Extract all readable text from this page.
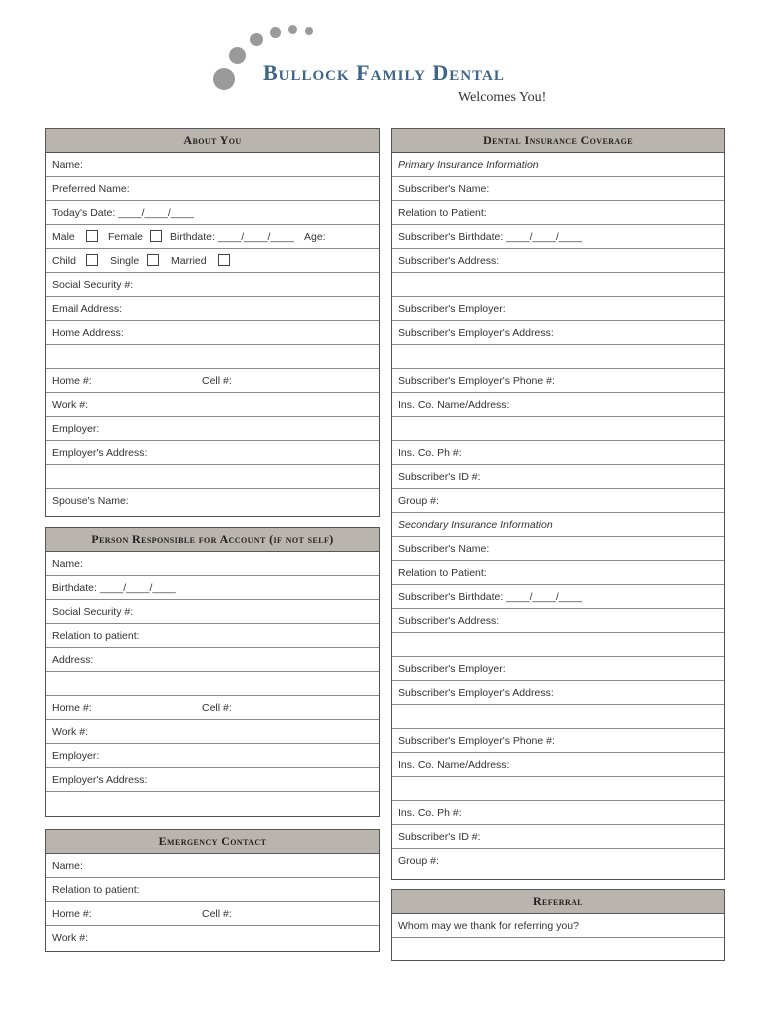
Bullock Family Dental
Welcomes You!
About You
Name:
Preferred Name:
Today's Date: ____/____/____
Male	Female	Birthdate: ____/____/____ Age:
Child	Single	Married
Social Security #:
Email Address:
Home Address:
Home #:	Cell #:
Work #:
Employer:
Employer's Address:
Spouse's Name:
Person Responsible for Account (if not self)
Name:
Birthdate: ____/____/____
Social Security #:
Relation to patient:
Address:
Home #:	Cell #:
Work #:
Employer:
Employer's Address:
Emergency Contact
Name:
Relation to patient:
Home #:	Cell #:
Work #:
Dental Insurance Coverage
Primary Insurance Information
Subscriber's Name:
Relation to Patient:
Subscriber's Birthdate: ____/____/____
Subscriber's Address:
Subscriber's Employer:
Subscriber's Employer's Address:
Subscriber's Employer's Phone #:
Ins. Co. Name/Address:
Ins. Co. Ph #:
Subscriber's ID #:
Group #:
Secondary Insurance Information
Subscriber's Name:
Relation to Patient:
Subscriber's Birthdate: ____/____/____
Subscriber's Address:
Subscriber's Employer:
Subscriber's Employer's Address:
Subscriber's Employer's Phone #:
Ins. Co. Name/Address:
Ins. Co. Ph #:
Subscriber's ID #:
Group #:
Referral
Whom may we thank for referring you?
